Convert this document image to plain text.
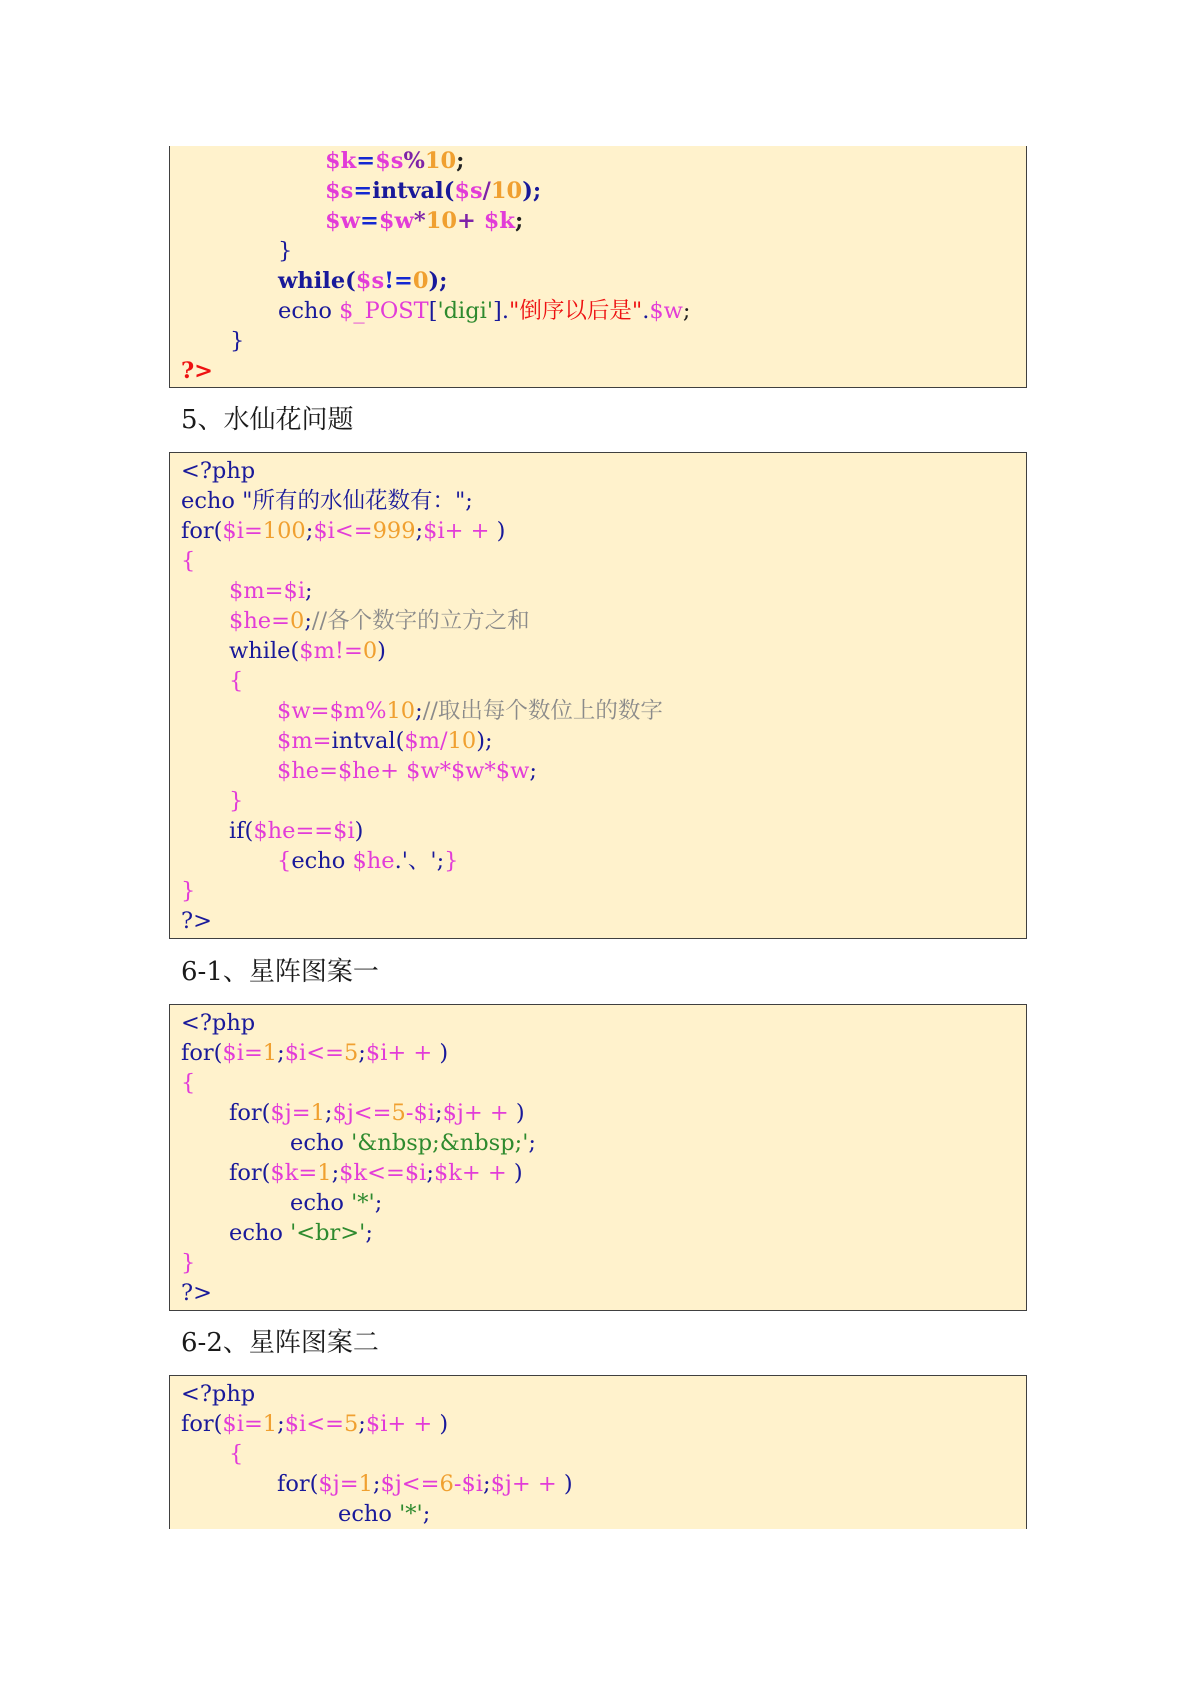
$k=$s%10;
$s=intval($s/10);
$w=$w*10+ $k;
}
while($s!=0);
echo $_POST['digi']."倒序以后是".$w;
}
?>
5、水仙花问题
<?php
echo "所有的水仙花数有：";
for($i=100;$i<=999;$i+ + )
{
$m=$i;
$he=0;//各个数字的立方之和
while($m!=0)
{
$w=$m%10;//取出每个数位上的数字
$m=intval($m/10);
$he=$he+ $w*$w*$w;
}
if($he==$i)
{echo $he.'、';}
}
?>
6-1、星阵图案一
<?php
for($i=1;$i<=5;$i+ + )
{
for($j=1;$j<=5-$i;$j+ + )
echo '&nbsp;&nbsp;';
for($k=1;$k<=$i;$k+ + )
echo '*';
echo '<br>';
}
?>
6-2、星阵图案二
<?php
for($i=1;$i<=5;$i+ + )
{
for($j=1;$j<=6-$i;$j+ + )
echo '*';
